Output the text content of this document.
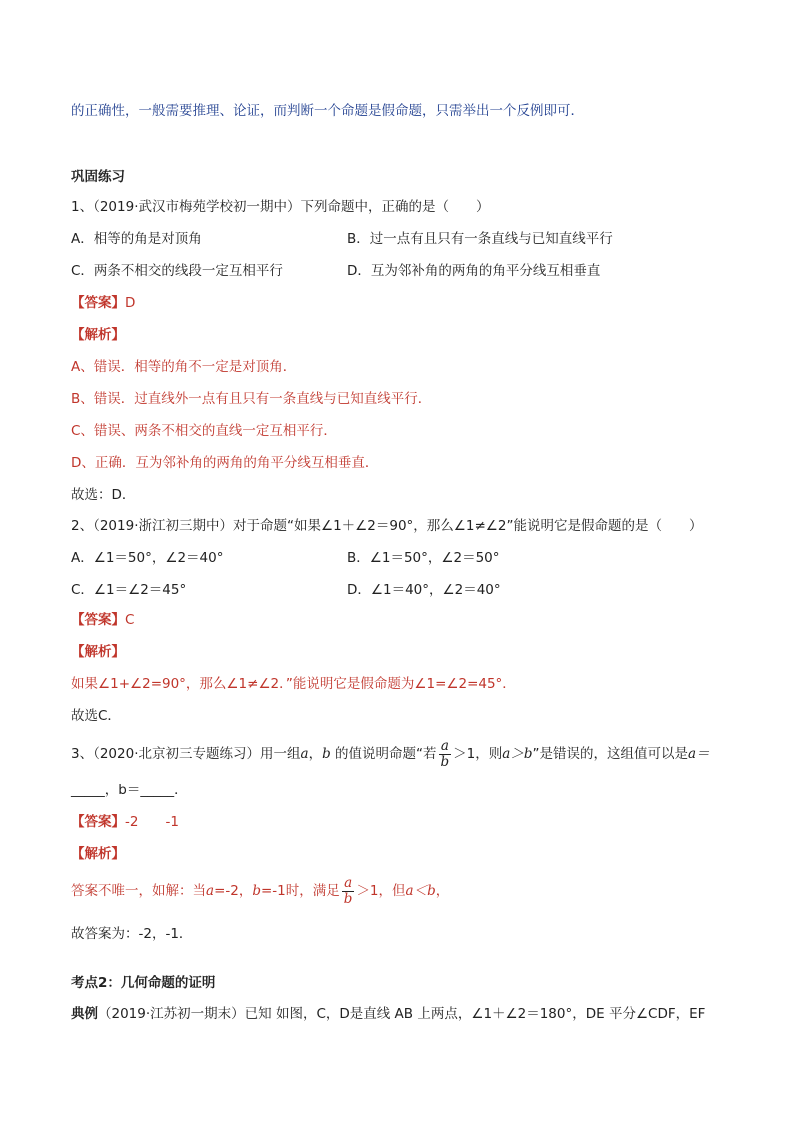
的正确性，一般需要推理、论证，而判断一个命题是假命题，只需举出一个反例即可．
巩固练习
1、（2019·武汉市梅苑学校初一期中）下列命题中，正确的是（　　）
A．相等的角是对顶角	B．过一点有且只有一条直线与已知直线平行
C．两条不相交的线段一定互相平行	D．互为邻补角的两角的角平分线互相垂直
【答案】D
【解析】
A、错误．相等的角不一定是对顶角．
B、错误．过直线外一点有且只有一条直线与已知直线平行．
C、错误、两条不相交的直线一定互相平行．
D、正确．互为邻补角的两角的角平分线互相垂直．
故选：D．
2、（2019·浙江初三期中）对于命题“如果∠1＋∠2＝90°，那么∠1≠∠2”能说明它是假命题的是（　　）
A．∠1＝50°，∠2＝40°	B．∠1＝50°，∠2＝50°
C．∠1＝∠2＝45°	D．∠1＝40°，∠2＝40°
【答案】C
【解析】
如果∠1+∠2=90°，那么∠1≠∠2．”能说明它是假命题为∠1=∠2=45°．
故选C．
3、（2020·北京初三专题练习）用一组a，b 的值说明命题“若 $\frac{a}{b} >1$，则a＞b”是错误的，这组值可以是a＝
_____，b＝_____．
【答案】-2　　-1
【解析】
答案不唯一，如解：当a=-2，b=-1时，满足 $\frac{a}{b} >1$，但a＜b，
故答案为：-2，-1．
考点2：几何命题的证明
典例（2019·江苏初一期末）已知 如图，C，D是直线 AB 上两点，∠1＋∠2＝180°，DE 平分∠CDF，EF
